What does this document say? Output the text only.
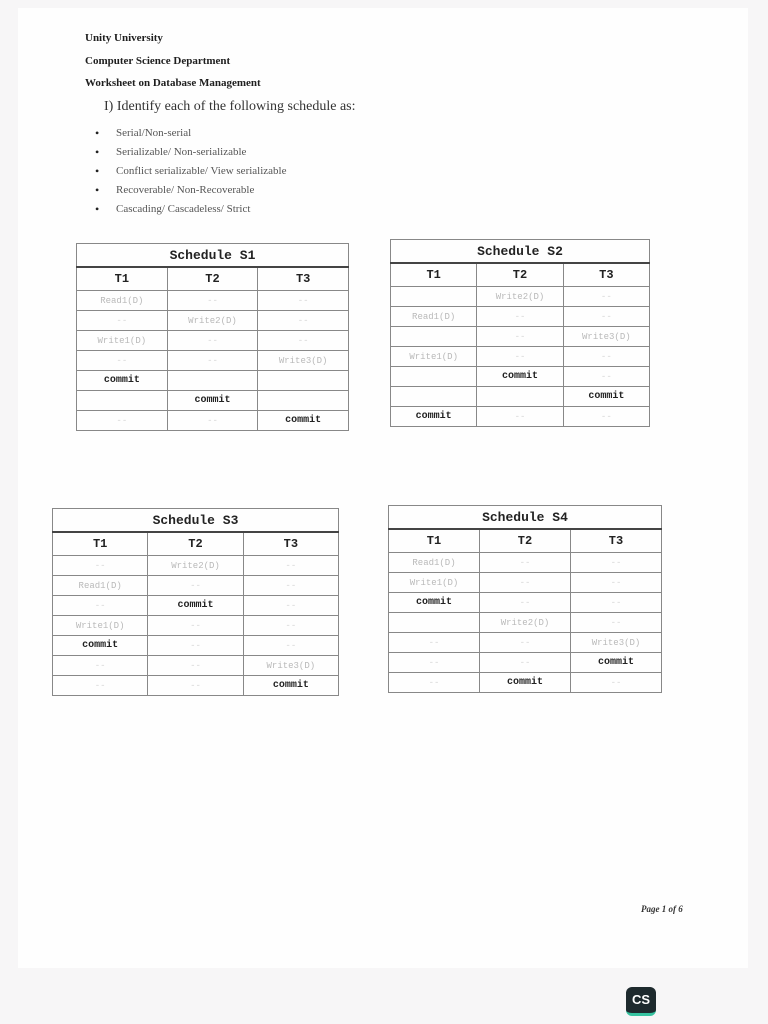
Unity University
Computer Science Department
Worksheet on Database Management
I) Identify each of the following schedule as:
• Serial/Non-serial
• Serializable/ Non-serializable
• Conflict serializable/ View serializable
• Recoverable/ Non-Recoverable
• Cascading/ Cascadeless/ Strict
Schedule S1		
T1	T2	T3
Read1(D)	--	--
--	Write2(D)	--
Write1(D)	--	--
--	--	Write3(D)
commit		
	commit	
--	--	commit
Schedule S2		
T1	T2	T3
	Write2(D)	--
Read1(D)	--	--
	--	Write3(D)
Write1(D)	--	--
	commit	--
		commit
commit	--	--
Schedule S3		
T1	T2	T3
--	Write2(D)	--
Read1(D)	--	--
--	commit	--
Write1(D)	--	--
commit	--	--
--	--	Write3(D)
--	--	commit
Schedule S4		
T1	T2	T3
Read1(D)	--	--
Write1(D)	--	--
commit	--	--
	Write2(D)	--
--	--	Write3(D)
--	--	commit
--	commit	--
Page 1 of 6
CS
